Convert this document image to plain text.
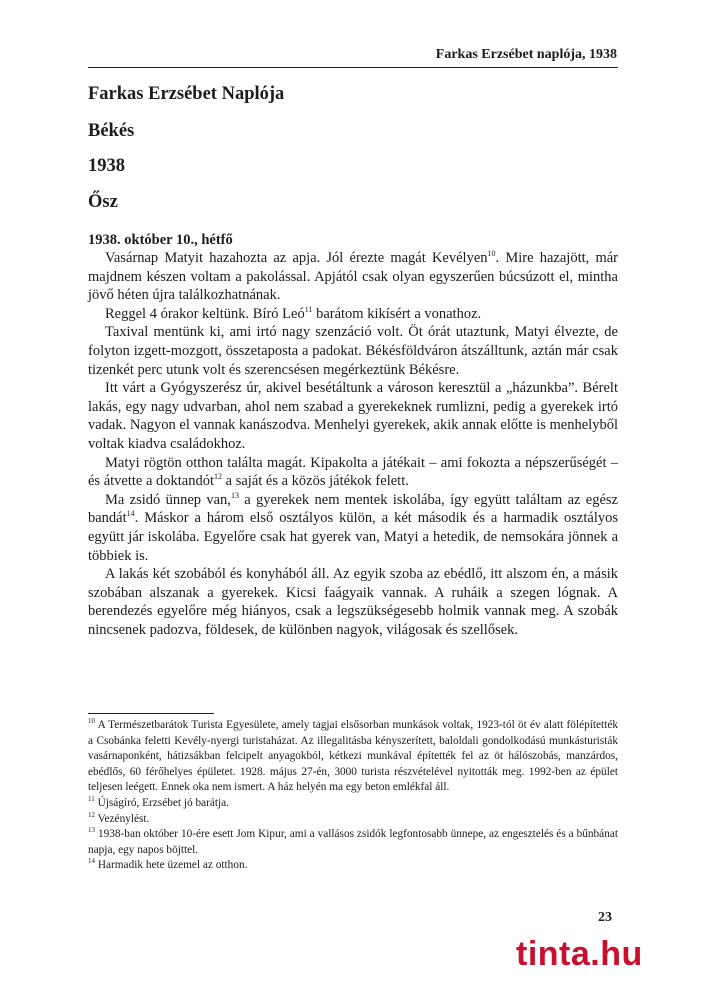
Farkas Erzsébet naplója, 1938
Farkas Erzsébet Naplója
Békés
1938
Ősz
1938. október 10., hétfő

Vasárnap Matyit hazahozta az apja. Jól érezte magát Kevélyen$^{10}$. Mire hazajött, már majdnem készen voltam a pakolással. Apjától csak olyan egyszerűen búcsúzott el, mintha jövő héten újra találkozhatnának.

Reggel 4 órakor keltünk. Bíró Leó$^{11}$ barátom kikísért a vonathoz.

Taxival mentünk ki, ami irtó nagy szenzáció volt. Öt órát utaztunk, Matyi élvezte, de folyton izgett-mozgott, összetaposta a padokat. Békésföldváron átszálltunk, aztán már csak tizenkét perc utunk volt és szerencsésen megérkeztünk Békésre.

Itt várt a Gyógyszerész úr, akivel besétáltunk a városon keresztül a „házunkba”. Bérelt lakás, egy nagy udvarban, ahol nem szabad a gyerekeknek rumlizni, pedig a gyerekek irtó vadak. Nagyon el vannak kanászodva. Menhelyi gyerekek, akik annak előtte is menhelyből voltak kiadva családokhoz.

Matyi rögtön otthon találta magát. Kipakolta a játékait – ami fokozta a népszerűségét – és átvette a doktandót$^{12}$ a saját és a közös játékok felett.

Ma zsidó ünnep van,$^{13}$ a gyerekek nem mentek iskolába, így együtt találtam az egész bandát$^{14}$. Máskor a három első osztályos külön, a két második és a harmadik osztályos együtt jár iskolába. Egyelőre csak hat gyerek van, Matyi a hetedik, de nemsokára jönnek a többiek is.

A lakás két szobából és konyhából áll. Az egyik szoba az ebédlő, itt alszom én, a másik szobában alszanak a gyerekek. Kicsi faágyaik vannak. A ruháik a szegen lógnak. A berendezés egyelőre még hiányos, csak a legszükségesebb holmik vannak meg. A szobák nincsenek padozva, földesek, de különben nagyok, világosak és szellősek.

$^{10}$ A Természetbarátok Turista Egyesülete, amely tagjai elsősorban munkások voltak, 1923-tól öt év alatt fölépítették a Csobánka feletti Kevély-nyergi turistaházat. Az illegalitásba kényszerített, baloldali gondolkodású munkásturisták vasárnaponként, hátizsákban felcipelt anyagokból, kétkezi munkával építették fel az öt hálószobás, manzárdos, ebédlős, 60 férőhelyes épületet. 1928. május 27-én, 3000 turista részvételével nyitották meg. 1992-ben az épület teljesen leégett. Ennek oka nem ismert. A ház helyén ma egy beton emlékfal áll.

$^{11}$ Újságíró, Erzsébet jó barátja.

$^{12}$ Vezénylést.

$^{13}$ 1938-ban október 10-ére esett Jom Kipur, ami a vallásos zsidók legfontosabb ünnepe, az engesztelés és a bűnbánat napja, egy napos böjttel.

$^{14}$ Harmadik hete üzemel az otthon.

23
tinta.hu
